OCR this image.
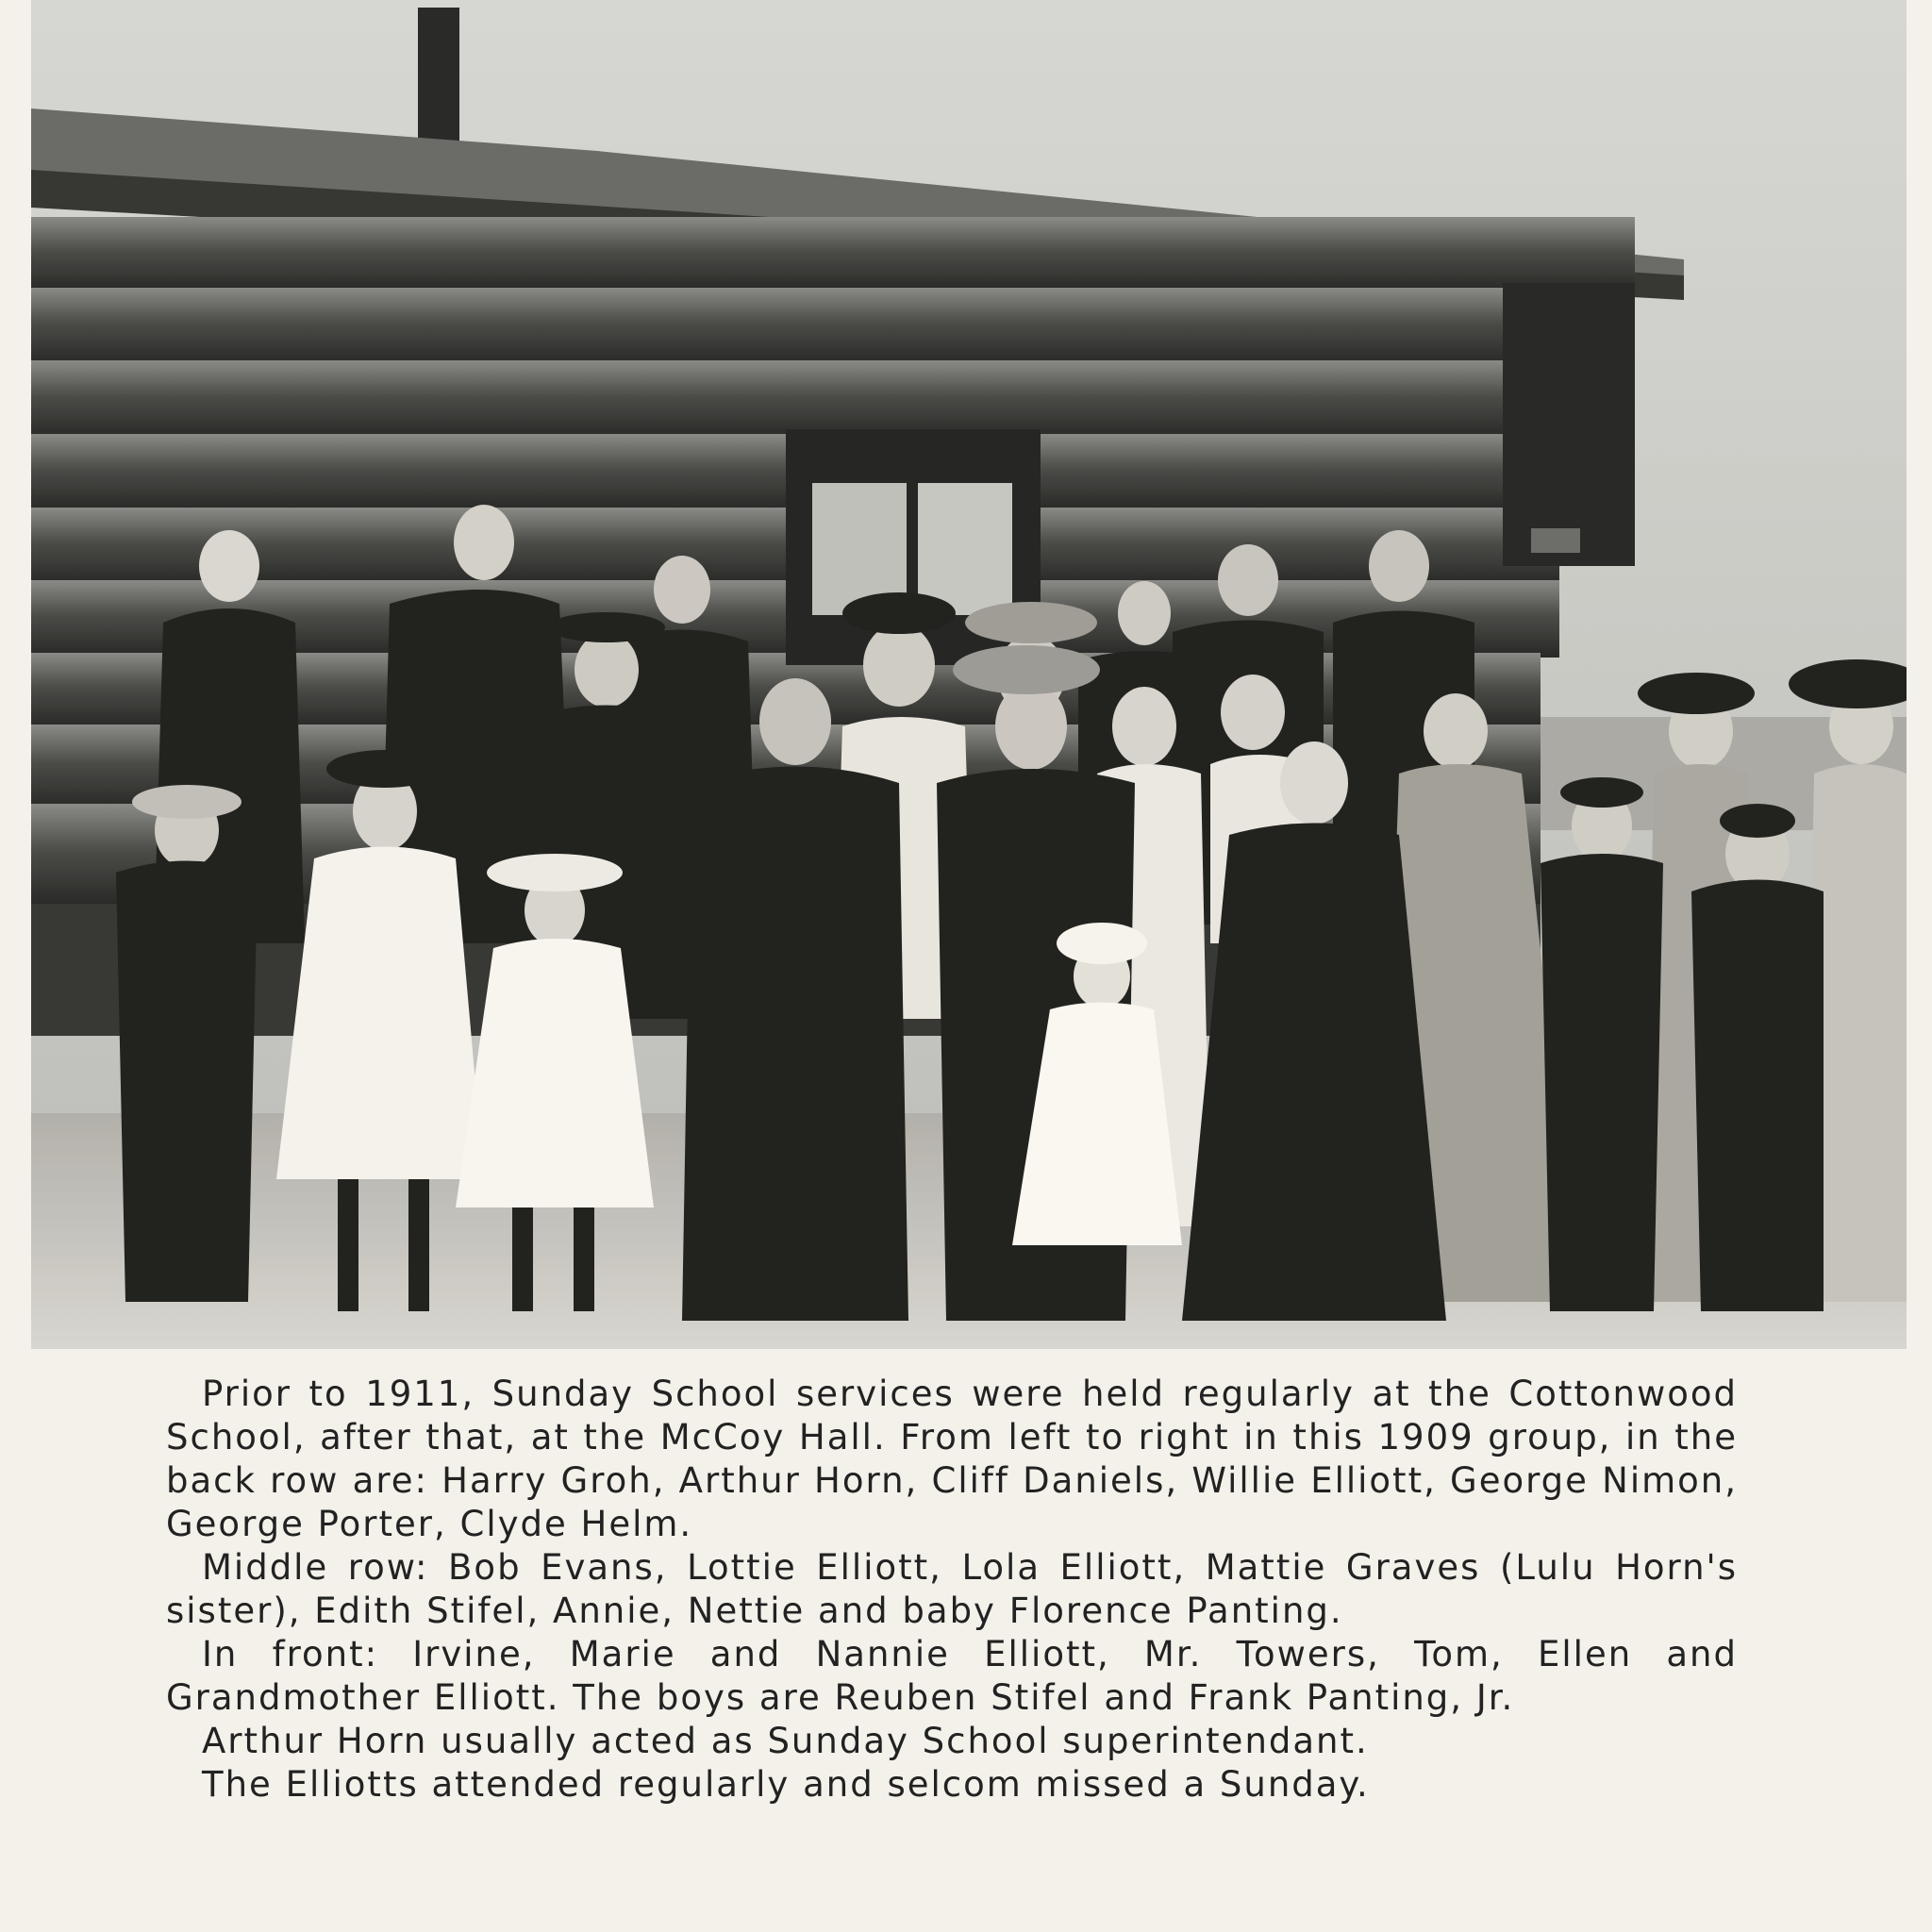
Prior to 1911, Sunday School services were held regularly at the Cottonwood School, after that, at the McCoy Hall. From left to right in this 1909 group, in the back row are: Harry Groh, Arthur Horn, Cliff Daniels, Willie Elliott, George Nimon, George Porter, Clyde Helm.

Middle row: Bob Evans, Lottie Elliott, Lola Elliott, Mattie Graves (Lulu Horn's sister), Edith Stifel, Annie, Nettie and baby Florence Panting.

In front: Irvine, Marie and Nannie Elliott, Mr. Towers, Tom, Ellen and Grandmother Elliott. The boys are Reuben Stifel and Frank Panting, Jr.

Arthur Horn usually acted as Sunday School superintendant.

The Elliotts attended regularly and selcom missed a Sunday.
